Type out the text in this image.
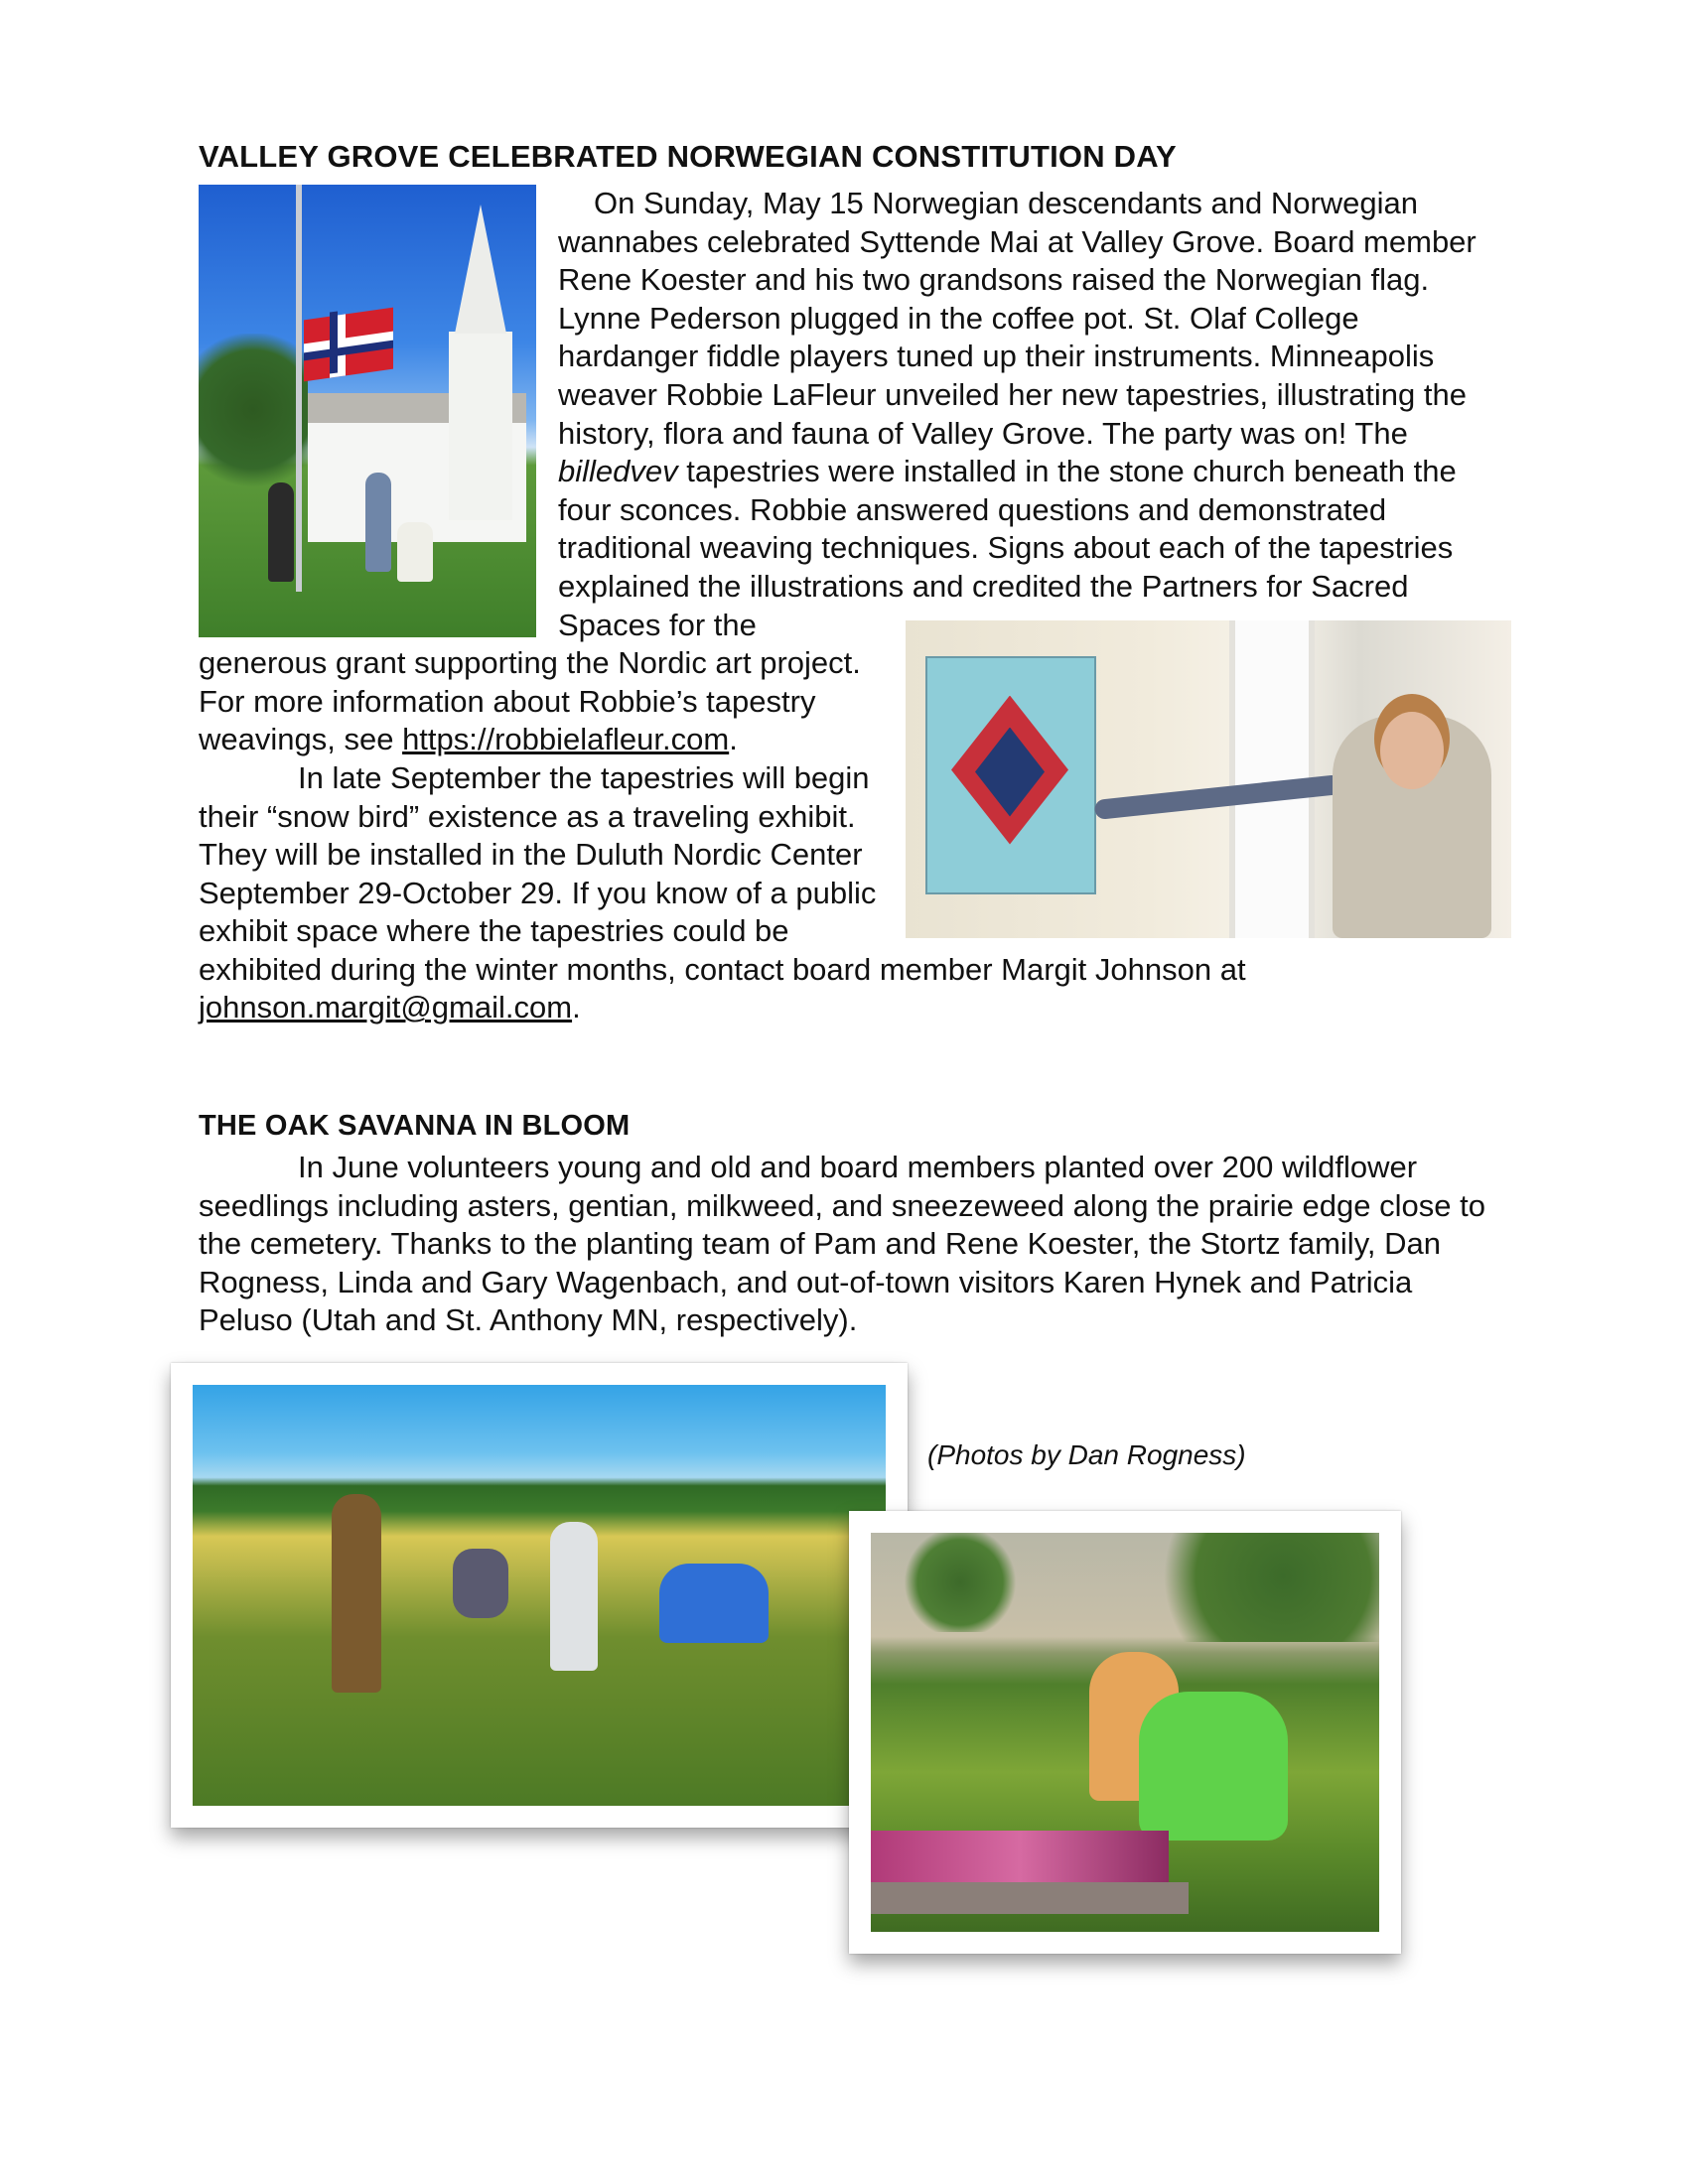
VALLEY GROVE CELEBRATED NORWEGIAN CONSTITUTION DAY

On Sunday, May 15 Norwegian descendants and Norwegian wannabes celebrated Syttende Mai at Valley Grove. Board member Rene Koester and his two grandsons raised the Norwegian flag. Lynne Pederson plugged in the coffee pot. St. Olaf College hardanger fiddle players tuned up their instruments. Minneapolis weaver Robbie LaFleur unveiled her new tapestries, illustrating the history, flora and fauna of Valley Grove. The party was on! The billedvev tapestries were installed in the stone church beneath the four sconces. Robbie answered questions and demonstrated traditional weaving techniques. Signs about each of the tapestries explained the illustrations and
credited the Partners for Sacred Spaces for the generous grant supporting the Nordic art project. For more information about Robbie’s tapestry weavings, see https://robbielafleur.com.

In late September the tapestries will begin their “snow bird” existence as a traveling exhibit. They will be installed in the Duluth Nordic Center September 29-October 29. If you know of a public exhibit space where the tapestries could be exhibited during the winter months, contact board member Margit Johnson at johnson.margit@gmail.com.

THE OAK SAVANNA IN BLOOM

In June volunteers young and old and board members planted over 200 wildflower seedlings including asters, gentian, milkweed, and sneezeweed along the prairie edge close to the cemetery. Thanks to the planting team of Pam and Rene Koester, the Stortz family, Dan Rogness, Linda and Gary Wagenbach, and out-of-town visitors Karen Hynek and Patricia Peluso (Utah and St. Anthony MN, respectively).

(Photos by Dan Rogness)
